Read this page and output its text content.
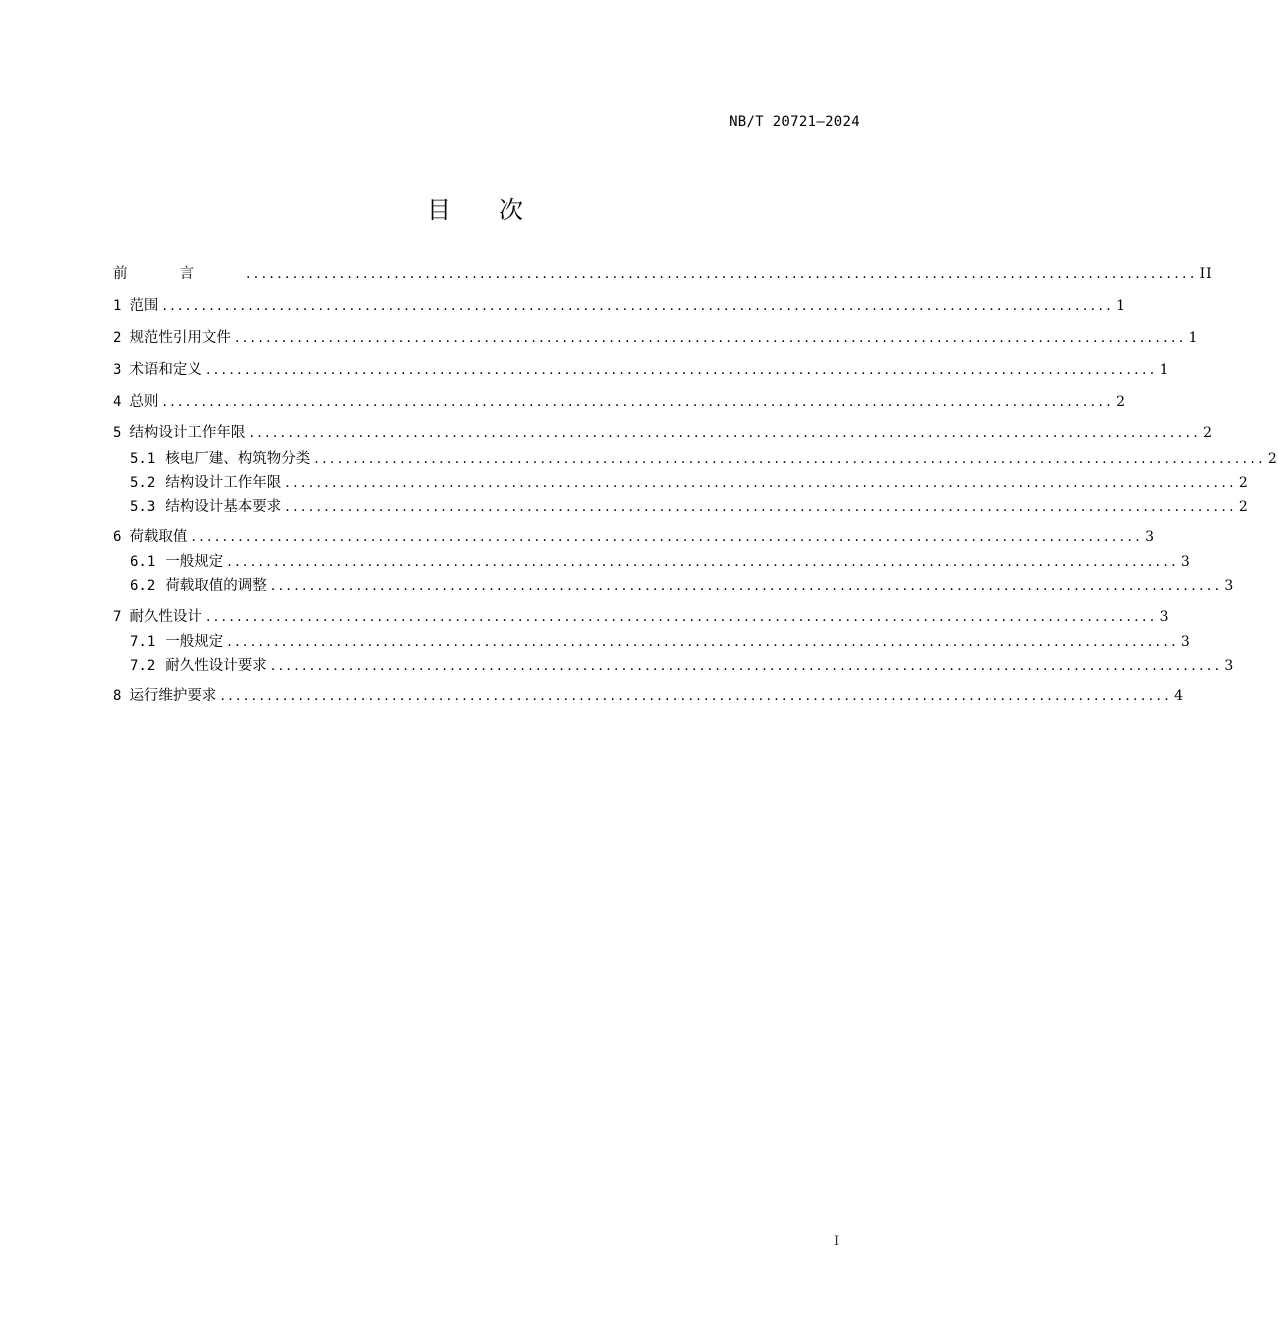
NB/T 20721—2024
目次
前言 .......................................................................................................................... II
1 范围 .......................................................................................................................... 1
2 规范性引用文件 .......................................................................................................................... 1
3 术语和定义 .......................................................................................................................... 1
4 总则 .......................................................................................................................... 2
5 结构设计工作年限 .......................................................................................................................... 2
5.1 核电厂建、构筑物分类 .......................................................................................................................... 2
5.2 结构设计工作年限 .......................................................................................................................... 2
5.3 结构设计基本要求 .......................................................................................................................... 2
6 荷载取值 .......................................................................................................................... 3
6.1 一般规定 .......................................................................................................................... 3
6.2 荷载取值的调整 .......................................................................................................................... 3
7 耐久性设计 .......................................................................................................................... 3
7.1 一般规定 .......................................................................................................................... 3
7.2 耐久性设计要求 .......................................................................................................................... 3
8 运行维护要求 .......................................................................................................................... 4
I
